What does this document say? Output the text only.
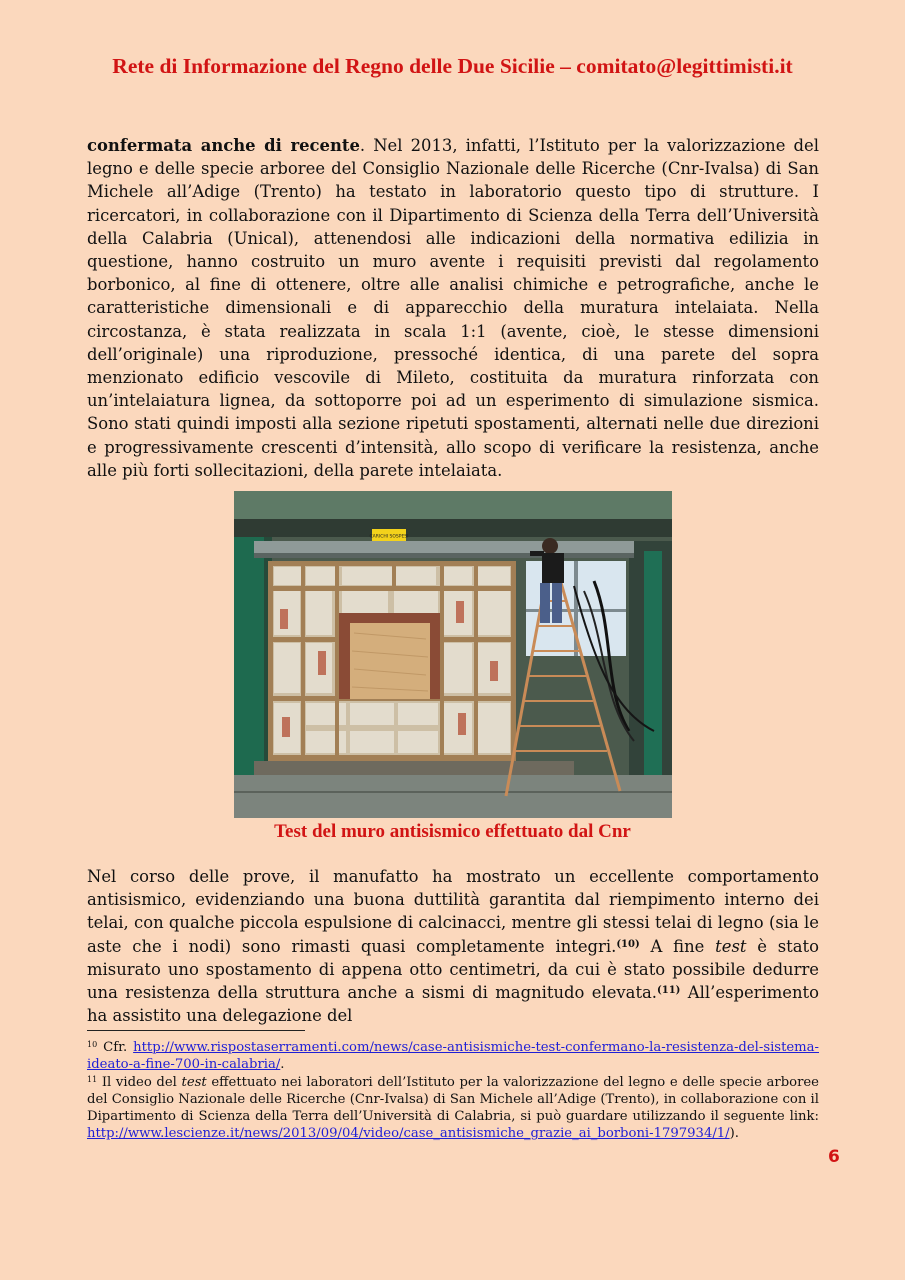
Rete di Informazione del Regno delle Due Sicilie – comitato@legittimisti.it

confermata anche di recente. Nel 2013, infatti, l’Istituto per la valorizzazione del legno e delle specie arboree del Consiglio Nazionale delle Ricerche (Cnr-Ivalsa) di San Michele all’Adige (Trento) ha testato in laboratorio questo tipo di strutture. I ricercatori, in collaborazione con il Dipartimento di Scienza della Terra dell’Università della Calabria (Unical), attenendosi alle indicazioni della normativa edilizia in questione, hanno costruito un muro avente i requisiti previsti dal regolamento borbonico, al fine di ottenere, oltre alle analisi chimiche e petrografiche, anche le caratteristiche dimensionali e di apparecchio della muratura intelaiata. Nella circostanza, è stata realizzata in scala 1:1 (avente, cioè, le stesse dimensioni dell’originale) una riproduzione, pressoché identica, di una parete del sopra menzionato edificio vescovile di Mileto, costituita da muratura rinforzata con un’intelaiatura lignea, da sottoporre poi ad un esperimento di simulazione sismica. Sono stati quindi imposti alla sezione ripetuti spostamenti, alternati nelle due direzioni e progressivamente crescenti d’intensità, allo scopo di verificare la resistenza, anche alle più forti sollecitazioni, della parete intelaiata.

CARICHI SOSPESI
Test del muro antisismico effettuato dal Cnr

Nel corso delle prove, il manufatto ha mostrato un eccellente comportamento antisismico, evidenziando una buona duttilità garantita dal riempimento interno dei telai, con qualche piccola espulsione di calcinacci, mentre gli stessi telai di legno (sia le aste che i nodi) sono rimasti quasi completamente integri.$^{(10)}$ A fine test è stato misurato uno spostamento di appena otto centimetri, da cui è stato possibile dedurre una resistenza della struttura anche a sismi di magnitudo elevata.$^{(11)}$ All’esperimento ha assistito una delegazione del

$^{10}$ Cfr. http://www.rispostaserramenti.com/news/case-antisismiche-test-confermano-la-resistenza-del-sistema-ideato-a-fine-700-in-calabria/.

$^{11}$ Il video del test effettuato nei laboratori dell’Istituto per la valorizzazione del legno e delle specie arboree del Consiglio Nazionale delle Ricerche (Cnr-Ivalsa) di San Michele all’Adige (Trento), in collaborazione con il Dipartimento di Scienza della Terra dell’Università di Calabria, si può guardare utilizzando il seguente link: http://www.lescienze.it/news/2013/09/04/video/case_antisismiche_grazie_ai_borboni-1797934/1/).

6
